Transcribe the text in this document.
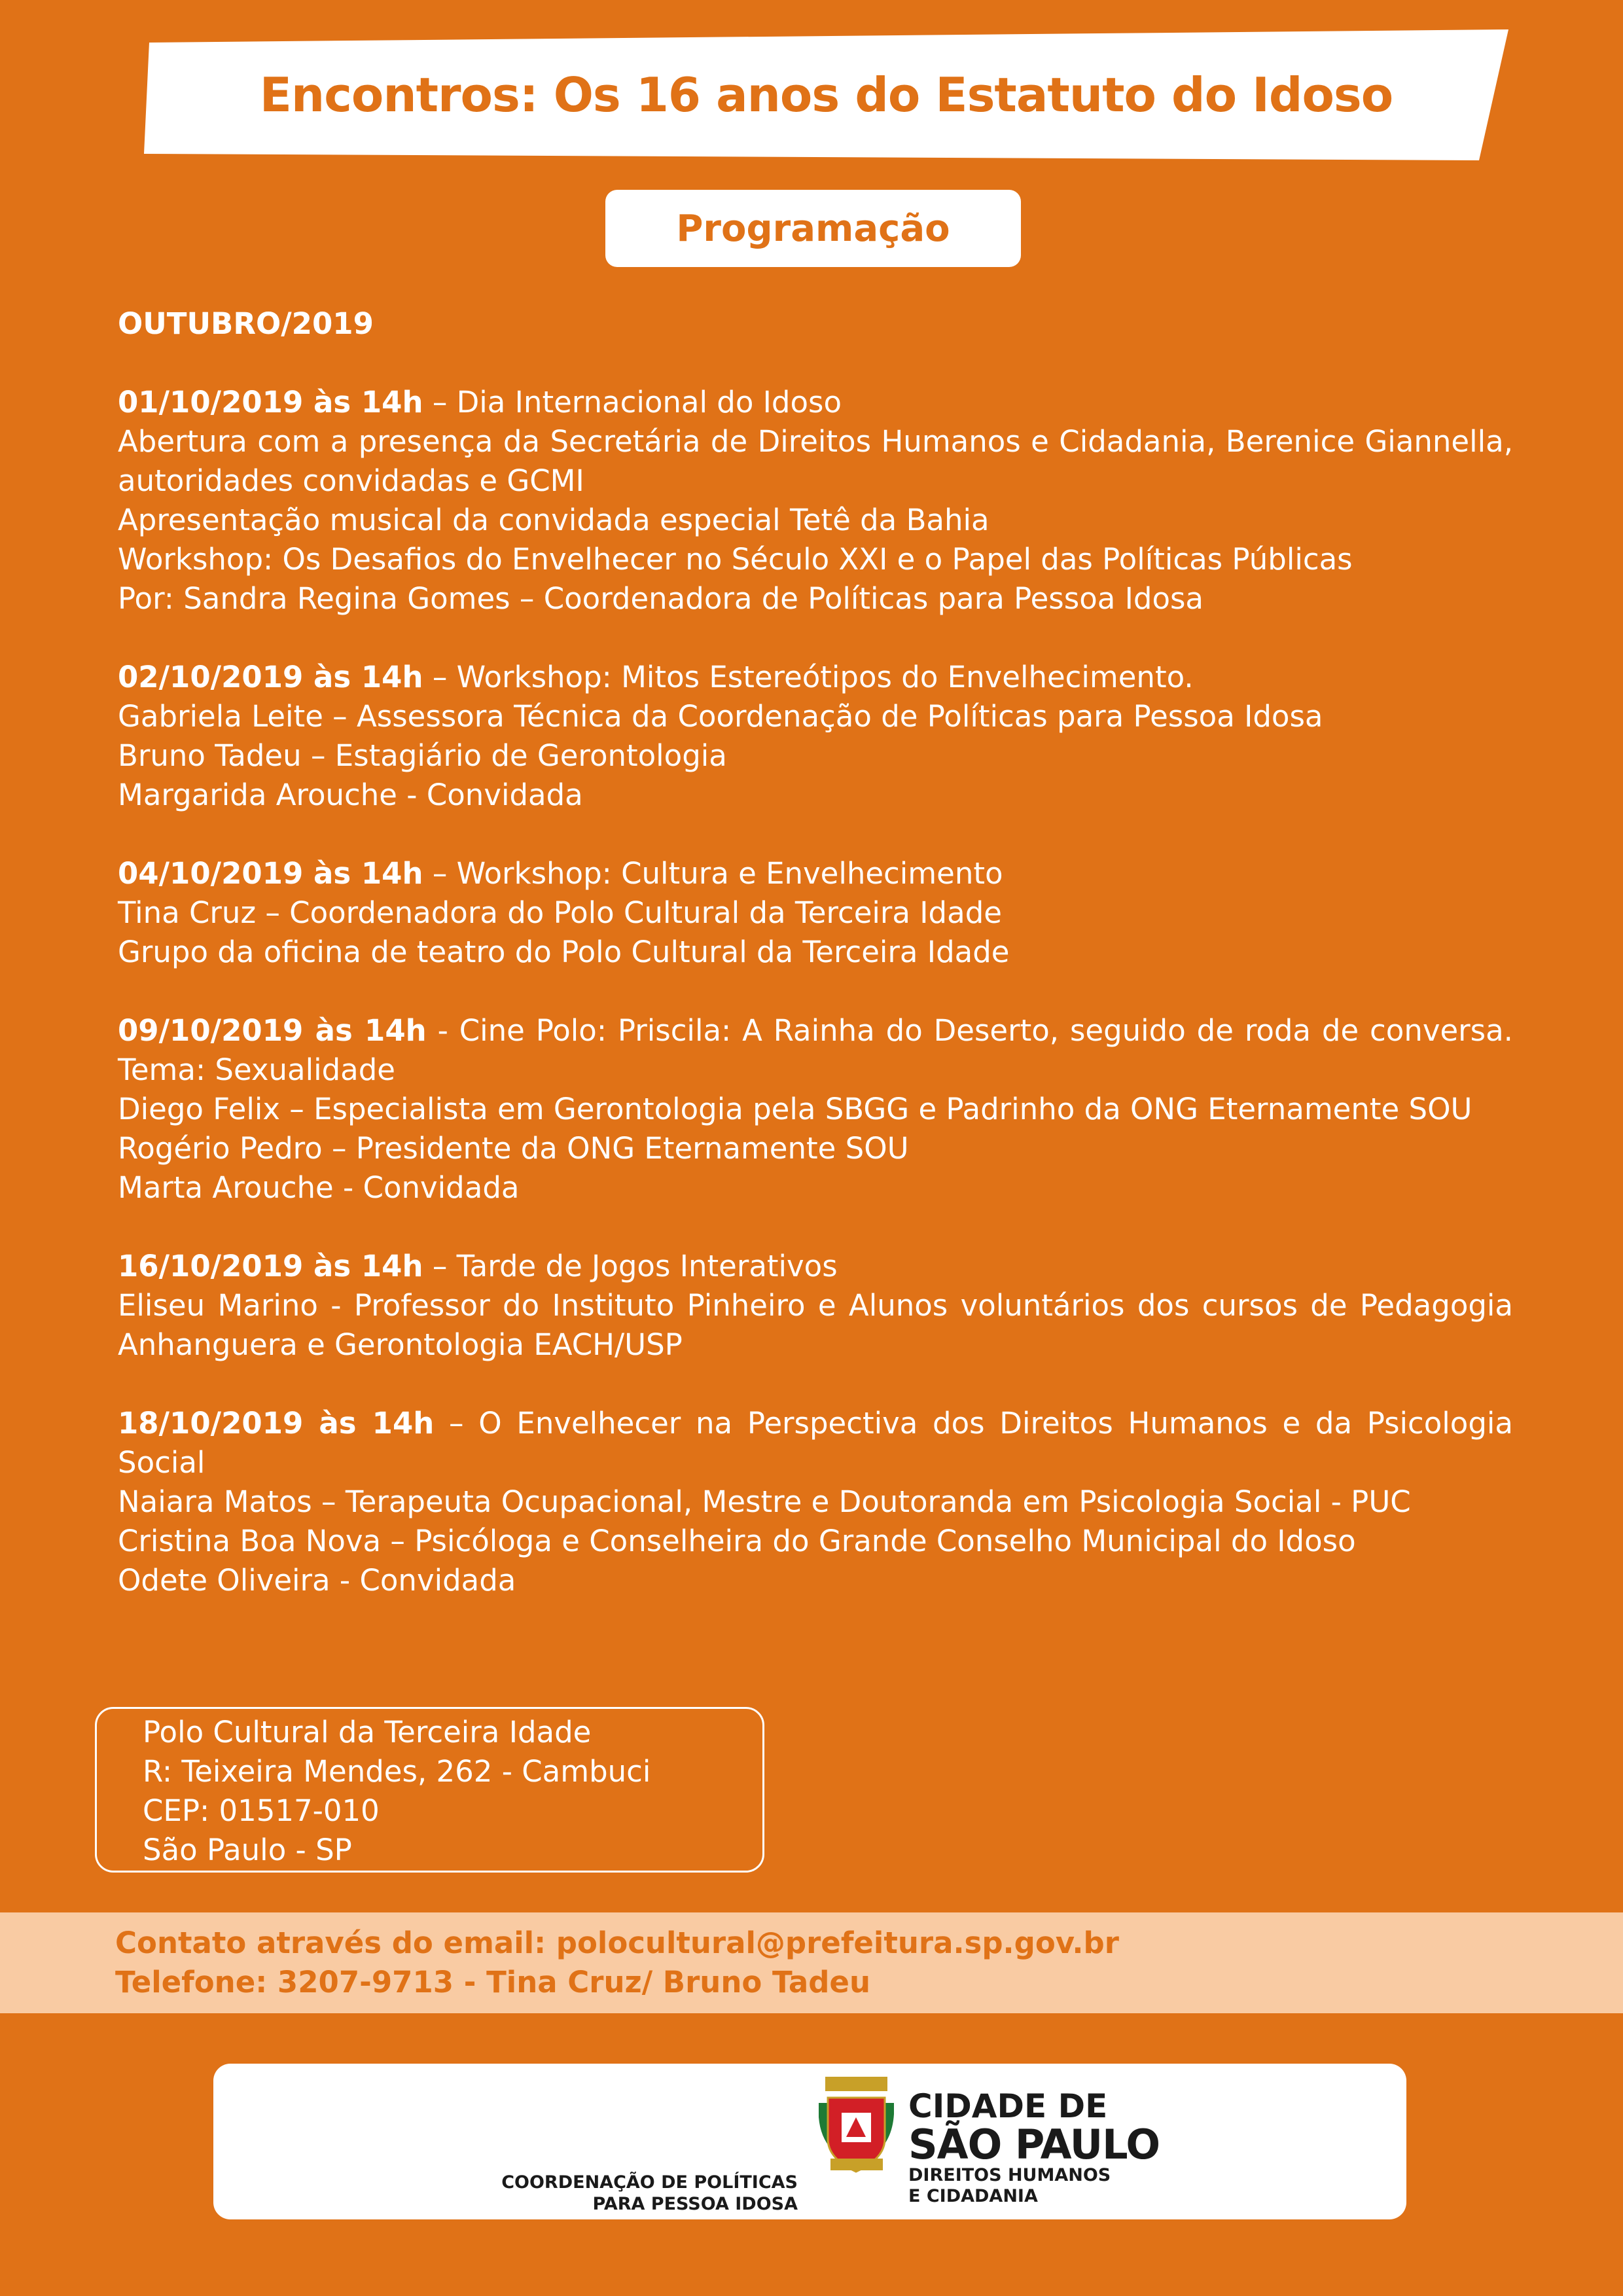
Encontros: Os 16 anos do Estatuto do Idoso
Programação

OUTUBRO/2019

01/10/2019 às 14h – Dia Internacional do Idoso

Abertura com a presença da Secretária de Direitos Humanos e Cidadania, Berenice Giannella, autoridades convidadas e GCMI

Apresentação musical da convidada especial Tetê da Bahia

Workshop: Os Desafios do Envelhecer no Século XXI e o Papel das Políticas Públicas

Por: Sandra Regina Gomes – Coordenadora de Políticas para Pessoa Idosa

02/10/2019 às 14h – Workshop: Mitos Estereótipos do Envelhecimento.

Gabriela Leite – Assessora Técnica da Coordenação de Políticas para Pessoa Idosa

Bruno Tadeu – Estagiário de Gerontologia

Margarida Arouche - Convidada

04/10/2019 às 14h – Workshop: Cultura e Envelhecimento

Tina Cruz – Coordenadora do Polo Cultural da Terceira Idade

Grupo da oficina de teatro do Polo Cultural da Terceira Idade

09/10/2019 às 14h - Cine Polo: Priscila: A Rainha do Deserto, seguido de roda de conversa. Tema: Sexualidade

Diego Felix – Especialista em Gerontologia pela SBGG e Padrinho da ONG Eternamente SOU

Rogério Pedro – Presidente da ONG Eternamente SOU

Marta Arouche - Convidada

16/10/2019 às 14h – Tarde de Jogos Interativos

Eliseu Marino - Professor do Instituto Pinheiro e Alunos voluntários dos cursos de Pedagogia Anhanguera e Gerontologia EACH/USP

18/10/2019 às 14h – O Envelhecer na Perspectiva dos Direitos Humanos e da Psicologia Social

Naiara Matos – Terapeuta Ocupacional, Mestre e Doutoranda em Psicologia Social - PUC

Cristina Boa Nova – Psicóloga e Conselheira do Grande Conselho Municipal do Idoso

Odete Oliveira - Convidada

Polo Cultural da Terceira Idade

R: Teixeira Mendes, 262 - Cambuci

CEP: 01517-010

São Paulo - SP

Contato através do email: polocultural@prefeitura.sp.gov.br

Telefone: 3207-9713 - Tina Cruz/ Bruno Tadeu

COORDENAÇÃO DE POLÍTICAS
PARA PESSOA IDOSA
CIDADE DE
SÃO PAULO
DIREITOS HUMANOS
E CIDADANIA
